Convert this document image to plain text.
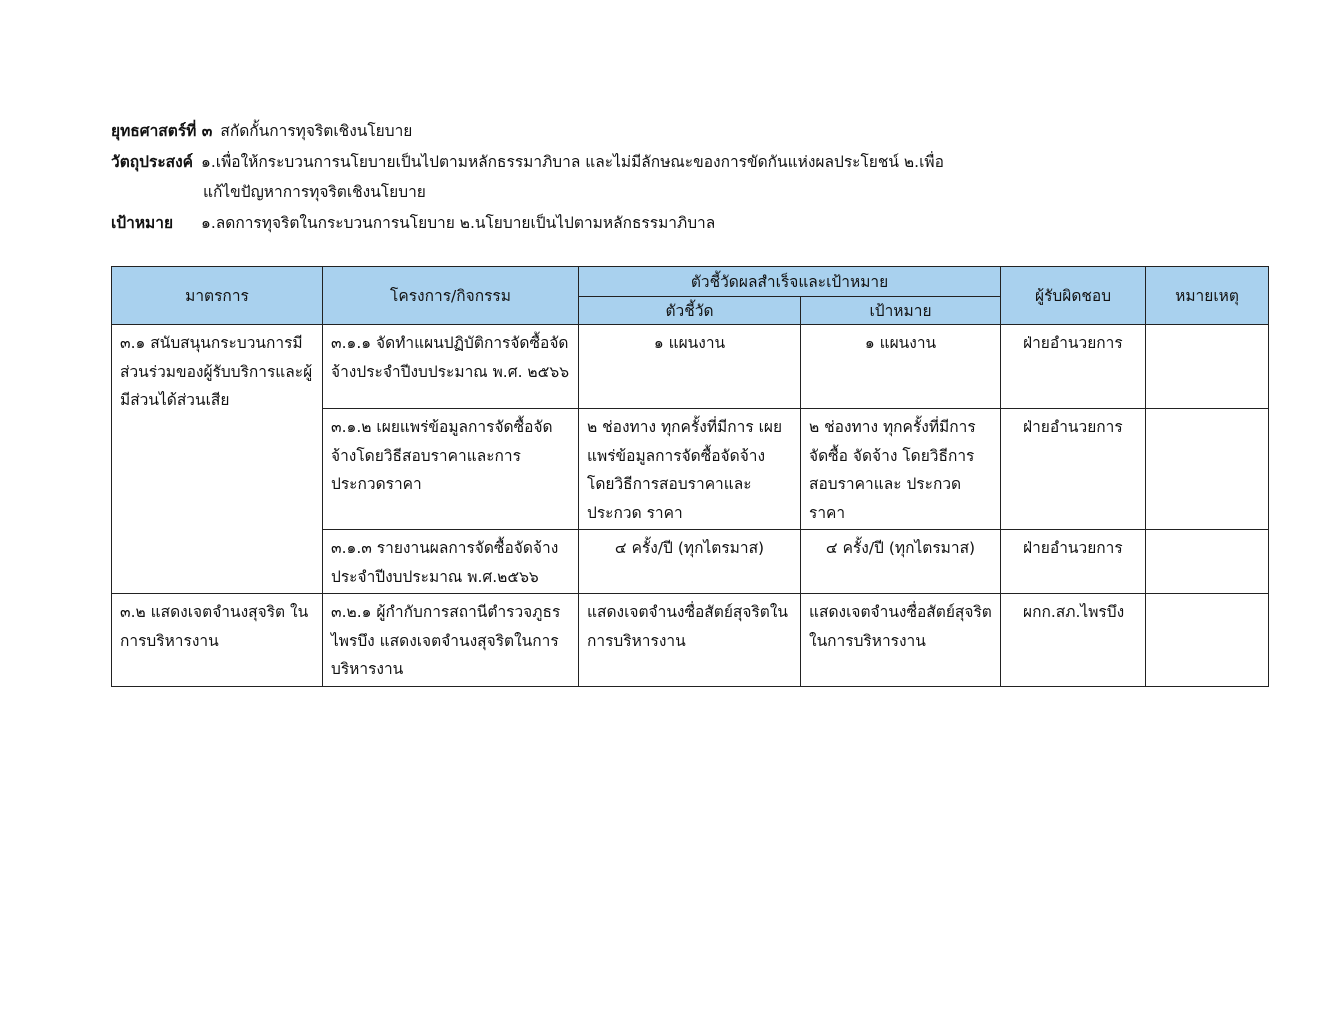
ยุทธศาสตร์ที่ ๓ สกัดกั้นการทุจริตเชิงนโยบาย
วัตถุประสงค์ ๑.เพื่อให้กระบวนการนโยบายเป็นไปตามหลักธรรมาภิบาล และไม่มีลักษณะของการขัดกันแห่งผลประโยชน์ ๒.เพื่อ
แก้ไขปัญหาการทุจริตเชิงนโยบาย
เป้าหมาย	๑.ลดการทุจริตในกระบวนการนโยบาย ๒.นโยบายเป็นไปตามหลักธรรมาภิบาล
มาตรการ	โครงการ/กิจกรรม	ตัวชี้วัดผลสำเร็จและเป้าหมาย		ผู้รับผิดชอบ	หมายเหตุ
		ตัวชี้วัด	เป้าหมาย		
๓.๑ สนับสนุนกระบวนการมีส่วนร่วมของผู้รับบริการและผู้มีส่วนได้ส่วนเสีย	๓.๑.๑ จัดทำแผนปฏิบัติการจัดซื้อจัดจ้างประจำปีงบประมาณ พ.ศ. ๒๕๖๖	๑ แผนงาน	๑ แผนงาน	ฝ่ายอำนวยการ	
	๓.๑.๒ เผยแพร่ข้อมูลการจัดซื้อจัดจ้างโดยวิธีสอบราคาและการประกวดราคา	๒ ช่องทาง ทุกครั้งที่มีการ เผยแพร่ข้อมูลการจัดซื้อจัดจ้างโดยวิธีการสอบราคาและ ประกวด ราคา	๒ ช่องทาง ทุกครั้งที่มีการจัดซื้อ จัดจ้าง โดยวิธีการสอบราคาและ ประกวดราคา	ฝ่ายอำนวยการ	
	๓.๑.๓ รายงานผลการจัดซื้อจัดจ้างประจำปีงบประมาณ พ.ศ.๒๕๖๖	๔ ครั้ง/ปี (ทุกไตรมาส)	๔ ครั้ง/ปี (ทุกไตรมาส)	ฝ่ายอำนวยการ	
๓.๒ แสดงเจตจำนงสุจริต ใน การบริหารงาน	๓.๒.๑ ผู้กำกับการสถานีตำรวจภูธรไพรบึง แสดงเจตจำนงสุจริตในการบริหารงาน	แสดงเจตจำนงซื่อสัตย์สุจริตในการบริหารงาน	แสดงเจตจำนงซื่อสัตย์สุจริตในการบริหารงาน	ผกก.สภ.ไพรบึง	
